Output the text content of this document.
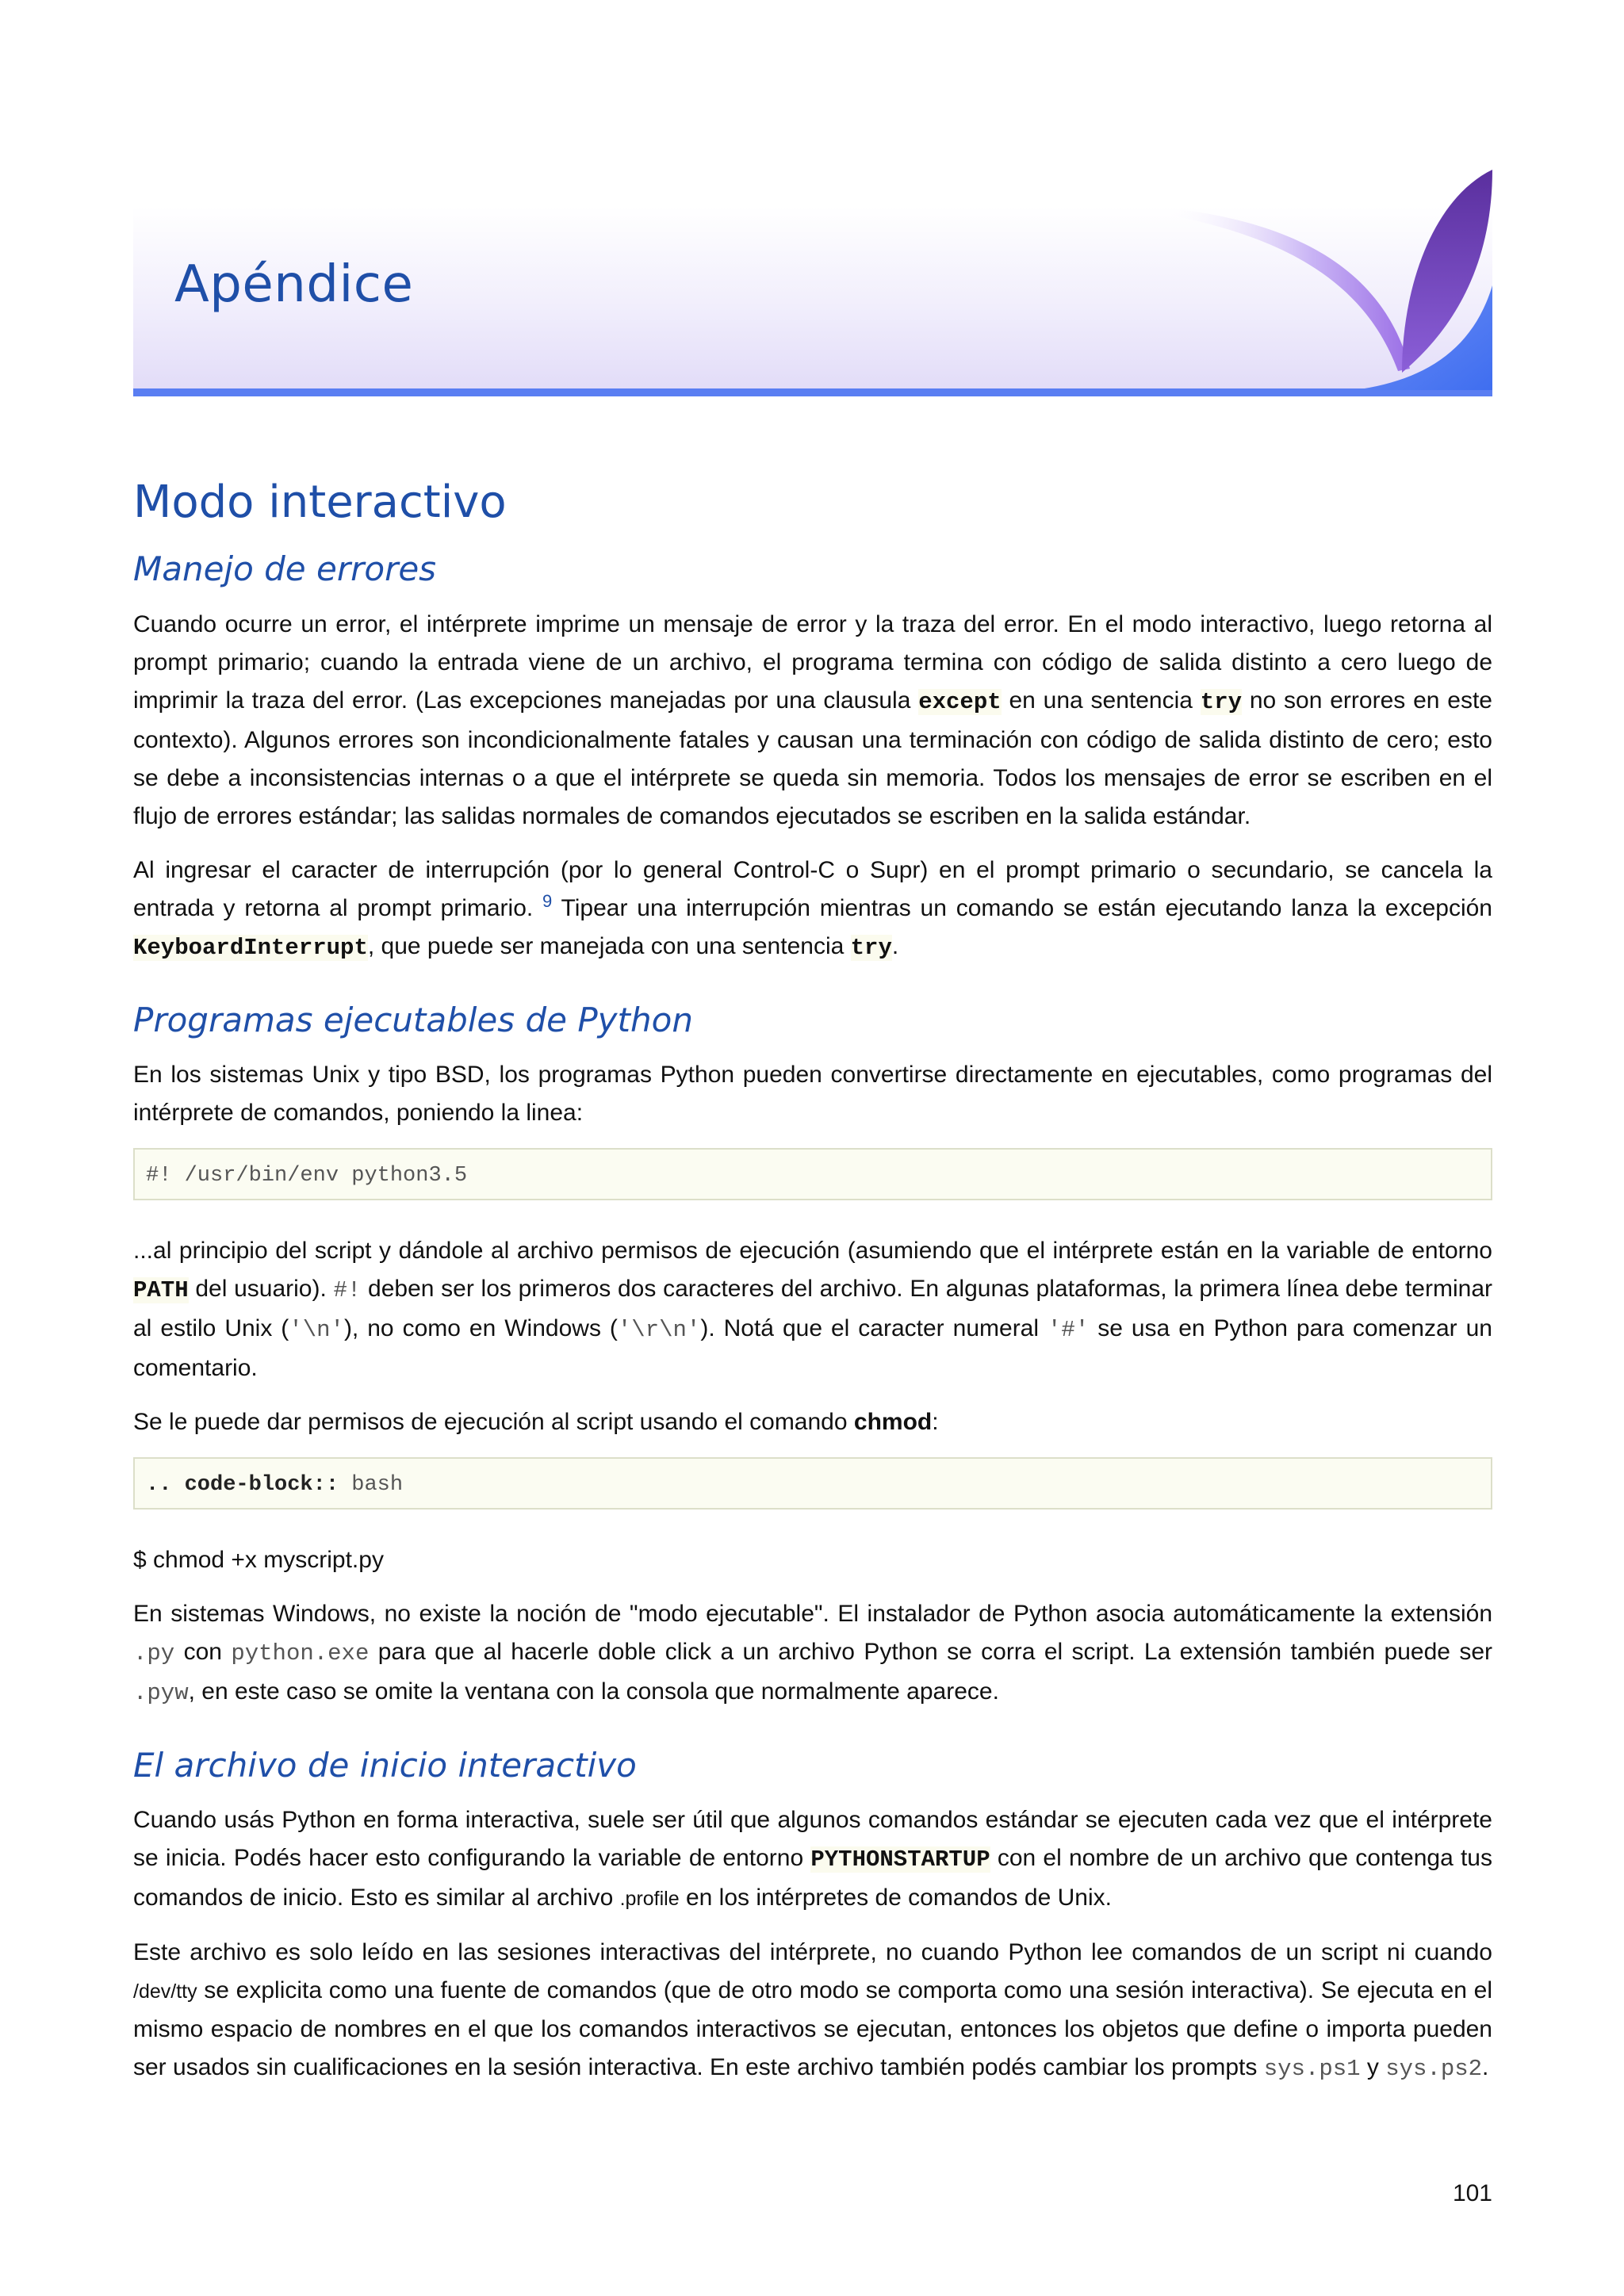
Apéndice
Modo interactivo
Manejo de errores

Cuando ocurre un error, el intérprete imprime un mensaje de error y la traza del error. En el modo interactivo, luego retorna al prompt primario; cuando la entrada viene de un archivo, el programa termina con código de salida distinto a cero luego de imprimir la traza del error. (Las excepciones manejadas por una clausula except en una sentencia try no son errores en este contexto). Algunos errores son incondicionalmente fatales y causan una terminación con código de salida distinto de cero; esto se debe a inconsistencias internas o a que el intérprete se queda sin memoria. Todos los mensajes de error se escriben en el flujo de errores estándar; las salidas normales de comandos ejecutados se escriben en la salida estándar.

Al ingresar el caracter de interrupción (por lo general Control-C o Supr) en el prompt primario o secundario, se cancela la entrada y retorna al prompt primario. $^9$ Tipear una interrupción mientras un comando se están ejecutando lanza la excepción KeyboardInterrupt, que puede ser manejada con una sentencia try.

Programas ejecutables de Python

En los sistemas Unix y tipo BSD, los programas Python pueden convertirse directamente en ejecutables, como programas del intérprete de comandos, poniendo la linea:

#! /usr/bin/env python3.5

...al principio del script y dándole al archivo permisos de ejecución (asumiendo que el intérprete están en la variable de entorno PATH del usuario). #! deben ser los primeros dos caracteres del archivo. En algunas plataformas, la primera línea debe terminar al estilo Unix ('\n'), no como en Windows ('\r\n'). Notá que el caracter numeral '#' se usa en Python para comenzar un comentario.

Se le puede dar permisos de ejecución al script usando el comando chmod:

.. code-block:: bash

$ chmod +x myscript.py

En sistemas Windows, no existe la noción de "modo ejecutable". El instalador de Python asocia automáticamente la extensión .py con python.exe para que al hacerle doble click a un archivo Python se corra el script. La extensión también puede ser .pyw, en este caso se omite la ventana con la consola que normalmente aparece.

El archivo de inicio interactivo

Cuando usás Python en forma interactiva, suele ser útil que algunos comandos estándar se ejecuten cada vez que el intérprete se inicia. Podés hacer esto configurando la variable de entorno PYTHONSTARTUP con el nombre de un archivo que contenga tus comandos de inicio. Esto es similar al archivo .profile en los intérpretes de comandos de Unix.

Este archivo es solo leído en las sesiones interactivas del intérprete, no cuando Python lee comandos de un script ni cuando /dev/tty se explicita como una fuente de comandos (que de otro modo se comporta como una sesión interactiva). Se ejecuta en el mismo espacio de nombres en el que los comandos interactivos se ejecutan, entonces los objetos que define o importa pueden ser usados sin cualificaciones en la sesión interactiva. En este archivo también podés cambiar los prompts sys.ps1 y sys.ps2.

101
